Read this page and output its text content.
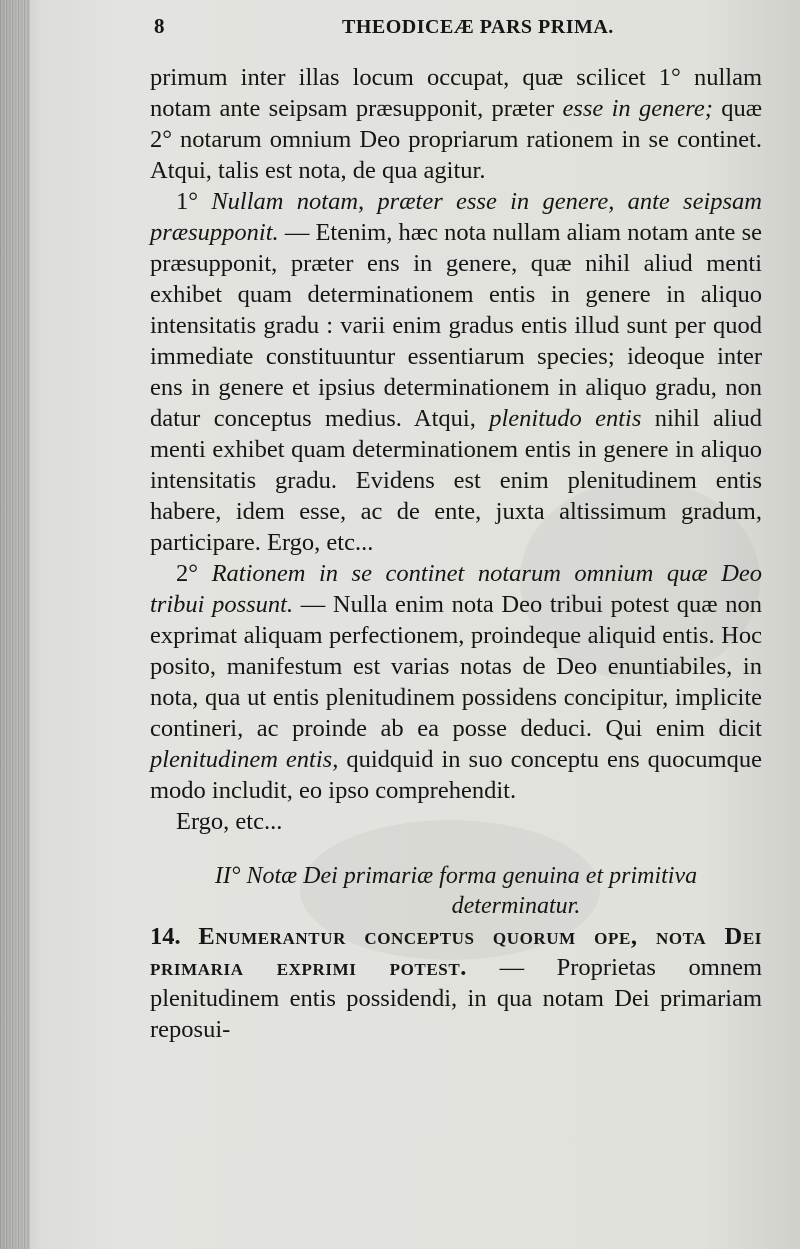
8	THEODICEÆ PARS PRIMA.

primum inter illas locum occupat, quæ scilicet 1° nullam notam ante seipsam præsupponit, præter esse in genere; quæ 2° notarum omnium Deo propriarum rationem in se continet. Atqui, talis est nota, de qua agitur.

1° Nullam notam, præter esse in genere, ante seipsam præsupponit. — Etenim, hæc nota nullam aliam notam ante se præsupponit, præter ens in genere, quæ nihil aliud menti exhibet quam determinationem entis in genere in aliquo intensitatis gradu : varii enim gradus entis illud sunt per quod immediate constituuntur essentiarum species; ideoque inter ens in genere et ipsius determinationem in aliquo gradu, non datur conceptus medius. Atqui, plenitudo entis nihil aliud menti exhibet quam determinationem entis in genere in aliquo intensitatis gradu. Evidens est enim plenitudinem entis habere, idem esse, ac de ente, juxta altissimum gradum, participare. Ergo, etc...

2° Rationem in se continet notarum omnium quæ Deo tribui possunt. — Nulla enim nota Deo tribui potest quæ non exprimat aliquam perfectionem, proindeque aliquid entis. Hoc posito, manifestum est varias notas de Deo enuntiabiles, in nota, qua ut entis plenitudinem possidens concipitur, implicite contineri, ac proinde ab ea posse deduci. Qui enim dicit plenitudinem entis, quidquid in suo conceptu ens quocumque modo includit, eo ipso comprehendit.

Ergo, etc...

II° Notæ Dei primariæ forma genuina et primitiva
determinatur.

14. Enumerantur conceptus quorum ope, nota Dei primaria exprimi potest. — Proprietas omnem plenitudinem entis possidendi, in qua notam Dei primariam reposui-
